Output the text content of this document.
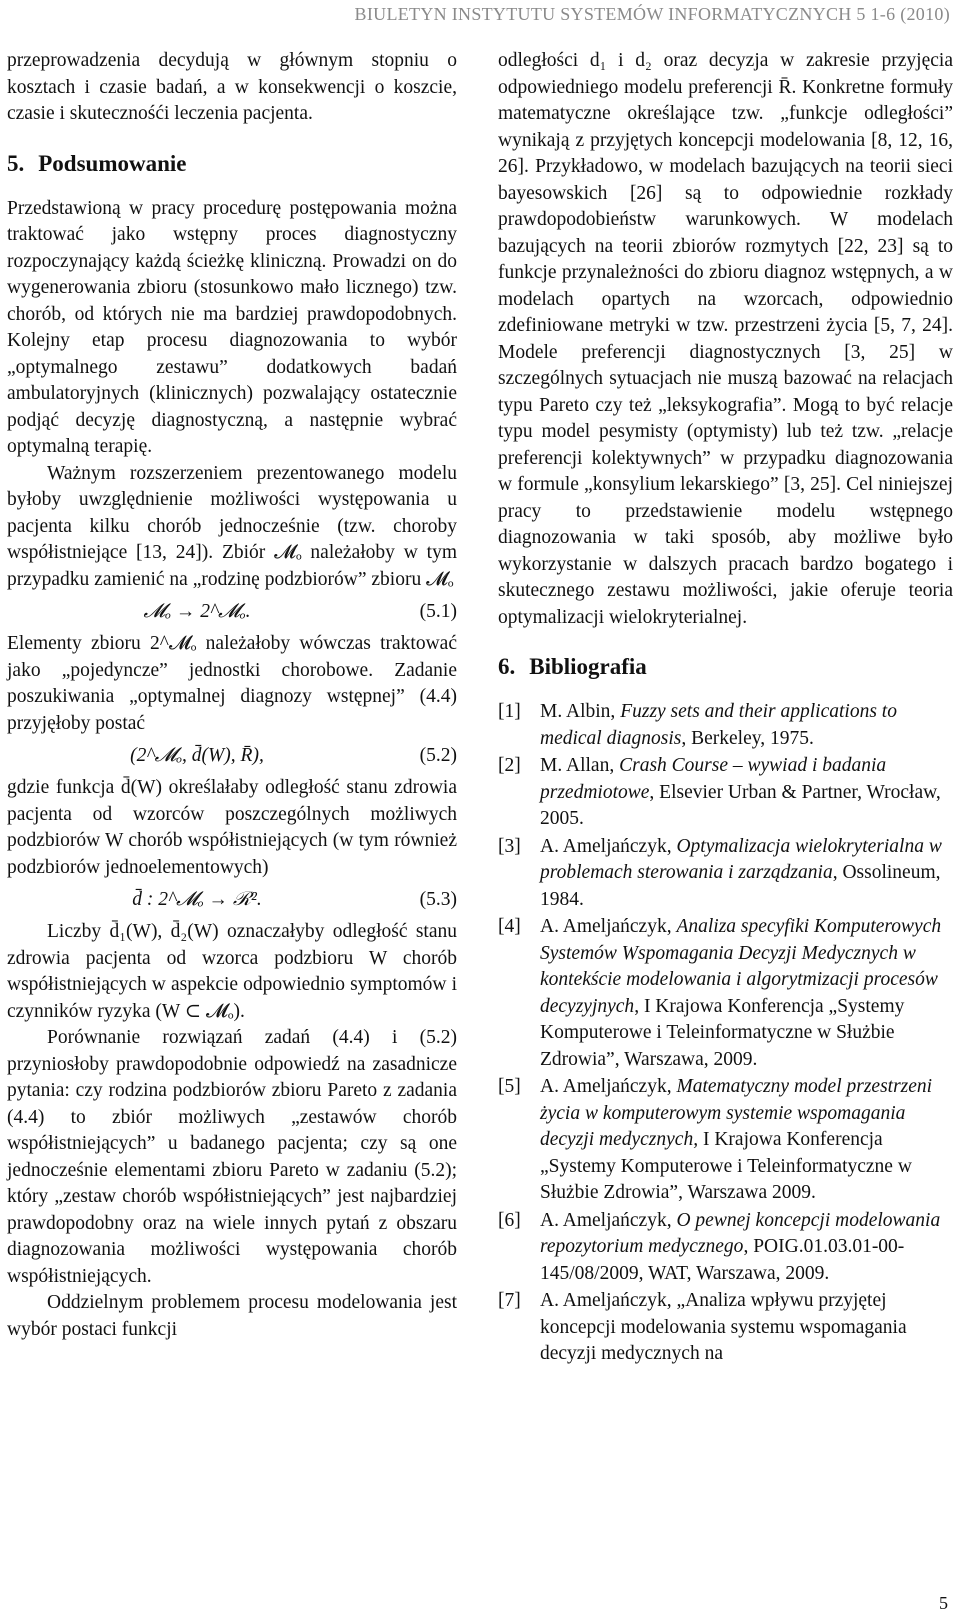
BIULETYN INSTYTUTU SYSTEMÓW INFORMATYCZNYCH 5 1-6 (2010)

przeprowadzenia decydują w głównym stopniu o kosztach i czasie badań, a w konsekwencji o koszcie, czasie i skutecznośći leczenia pacjenta.

5. Podsumowanie

Przedstawioną w pracy procedurę postępowania można traktować jako wstępny proces diagnostyczny rozpoczynający każdą ścieżkę kliniczną. Prowadzi on do wygenerowania zbioru (stosunkowo mało licznego) tzw. chorób, od których nie ma bardziej prawdopodobnych. Kolejny etap procesu diagnozowania to wybór „optymalnego zestawu” dodatkowych badań ambulatoryjnych (klinicznych) pozwalający ostatecznie podjąć decyzję diagnostyczną, a następnie wybrać optymalną terapię.

Ważnym rozszerzeniem prezentowanego modelu byłoby uwzględnienie możliwości występowania u pacjenta kilku chorób jednocześnie (tzw. choroby współistniejące [13, 24]). Zbiór 𝓜ₒ należałoby w tym przypadku zamienić na „rodzinę podzbiorów” zbioru 𝓜ₒ

𝓜ₒ → 2^𝓜ₒ.	(5.1)

Elementy zbioru 2^𝓜ₒ należałoby wówczas traktować jako „pojedyncze” jednostki chorobowe. Zadanie poszukiwania „optymalnej diagnozy wstępnej” (4.4) przyjęłoby postać

(2^𝓜ₒ, d̄(W), R̄),	(5.2)

gdzie funkcja d̄(W) określałaby odległość stanu zdrowia pacjenta od wzorców poszczególnych możliwych podzbiorów W chorób współistniejących (w tym również podzbiorów jednoelementowych)

d̄ : 2^𝓜ₒ → ℛ².	(5.3)

Liczby d̄₁(W), d̄₂(W) oznaczałyby odległość stanu zdrowia pacjenta od wzorca podzbioru W chorób współistniejących w aspekcie odpowiednio symptomów i czynników ryzyka (W ⊂ 𝓜ₒ).

Porównanie rozwiązań zadań (4.4) i (5.2) przyniosłoby prawdopodobnie odpowiedź na zasadnicze pytania: czy rodzina podzbiorów zbioru Pareto z zadania (4.4) to zbiór możliwych „zestawów chorób współistniejących” u badanego pacjenta; czy są one jednocześnie elementami zbioru Pareto w zadaniu (5.2); który „zestaw chorób współistniejących” jest najbardziej prawdopodobny oraz na wiele innych pytań z obszaru diagnozowania możliwości występowania chorób współistniejących.

Oddzielnym problemem procesu modelowania jest wybór postaci funkcji

odległości d₁ i d₂ oraz decyzja w zakresie przyjęcia odpowiedniego modelu preferencji R̄. Konkretne formuły matematyczne określające tzw. „funkcje odległości” wynikają z przyjętych koncepcji modelowania [8, 12, 16, 26]. Przykładowo, w modelach bazujących na teorii sieci bayesowskich [26] są to odpowiednie rozkłady prawdopodobieństw warunkowych. W modelach bazujących na teorii zbiorów rozmytych [22, 23] są to funkcje przynależności do zbioru diagnoz wstępnych, a w modelach opartych na wzorcach, odpowiednio zdefiniowane metryki w tzw. przestrzeni życia [5, 7, 24]. Modele preferencji diagnostycznych [3, 25] w szczególnych sytuacjach nie muszą bazować na relacjach typu Pareto czy też „leksykografia”. Mogą to być relacje typu model pesymisty (optymisty) lub też tzw. „relacje preferencji kolektywnych” w przypadku diagnozowania w formule „konsylium lekarskiego” [3, 25]. Cel niniejszej pracy to przedstawienie modelu wstępnego diagnozowania w taki sposób, aby możliwe było wykorzystanie w dalszych pracach bardzo bogatego i skutecznego zestawu możliwości, jakie oferuje teoria optymalizacji wielokryterialnej.

6. Bibliografia
[1] M. Albin, Fuzzy sets and their applications to medical diagnosis, Berkeley, 1975.
[2] M. Allan, Crash Course – wywiad i badania przedmiotowe, Elsevier Urban & Partner, Wrocław, 2005.
[3] A. Ameljańczyk, Optymalizacja wielokryterialna w problemach sterowania i zarządzania, Ossolineum, 1984.
[4] A. Ameljańczyk, Analiza specyfiki Komputerowych Systemów Wspomagania Decyzji Medycznych w kontekście modelowania i algorytmizacji procesów decyzyjnych, I Krajowa Konferencja „Systemy Komputerowe i Teleinformatyczne w Służbie Zdrowia”, Warszawa, 2009.
[5] A. Ameljańczyk, Matematyczny model przestrzeni życia w komputerowym systemie wspomagania decyzji medycznych, I Krajowa Konferencja „Systemy Komputerowe i Teleinformatyczne w Służbie Zdrowia”, Warszawa 2009.
[6] A. Ameljańczyk, O pewnej koncepcji modelowania repozytorium medycznego, POIG.01.03.01-00-145/08/2009, WAT, Warszawa, 2009.
[7] A. Ameljańczyk, „Analiza wpływu przyjętej koncepcji modelowania systemu wspomagania decyzji medycznych na
5
